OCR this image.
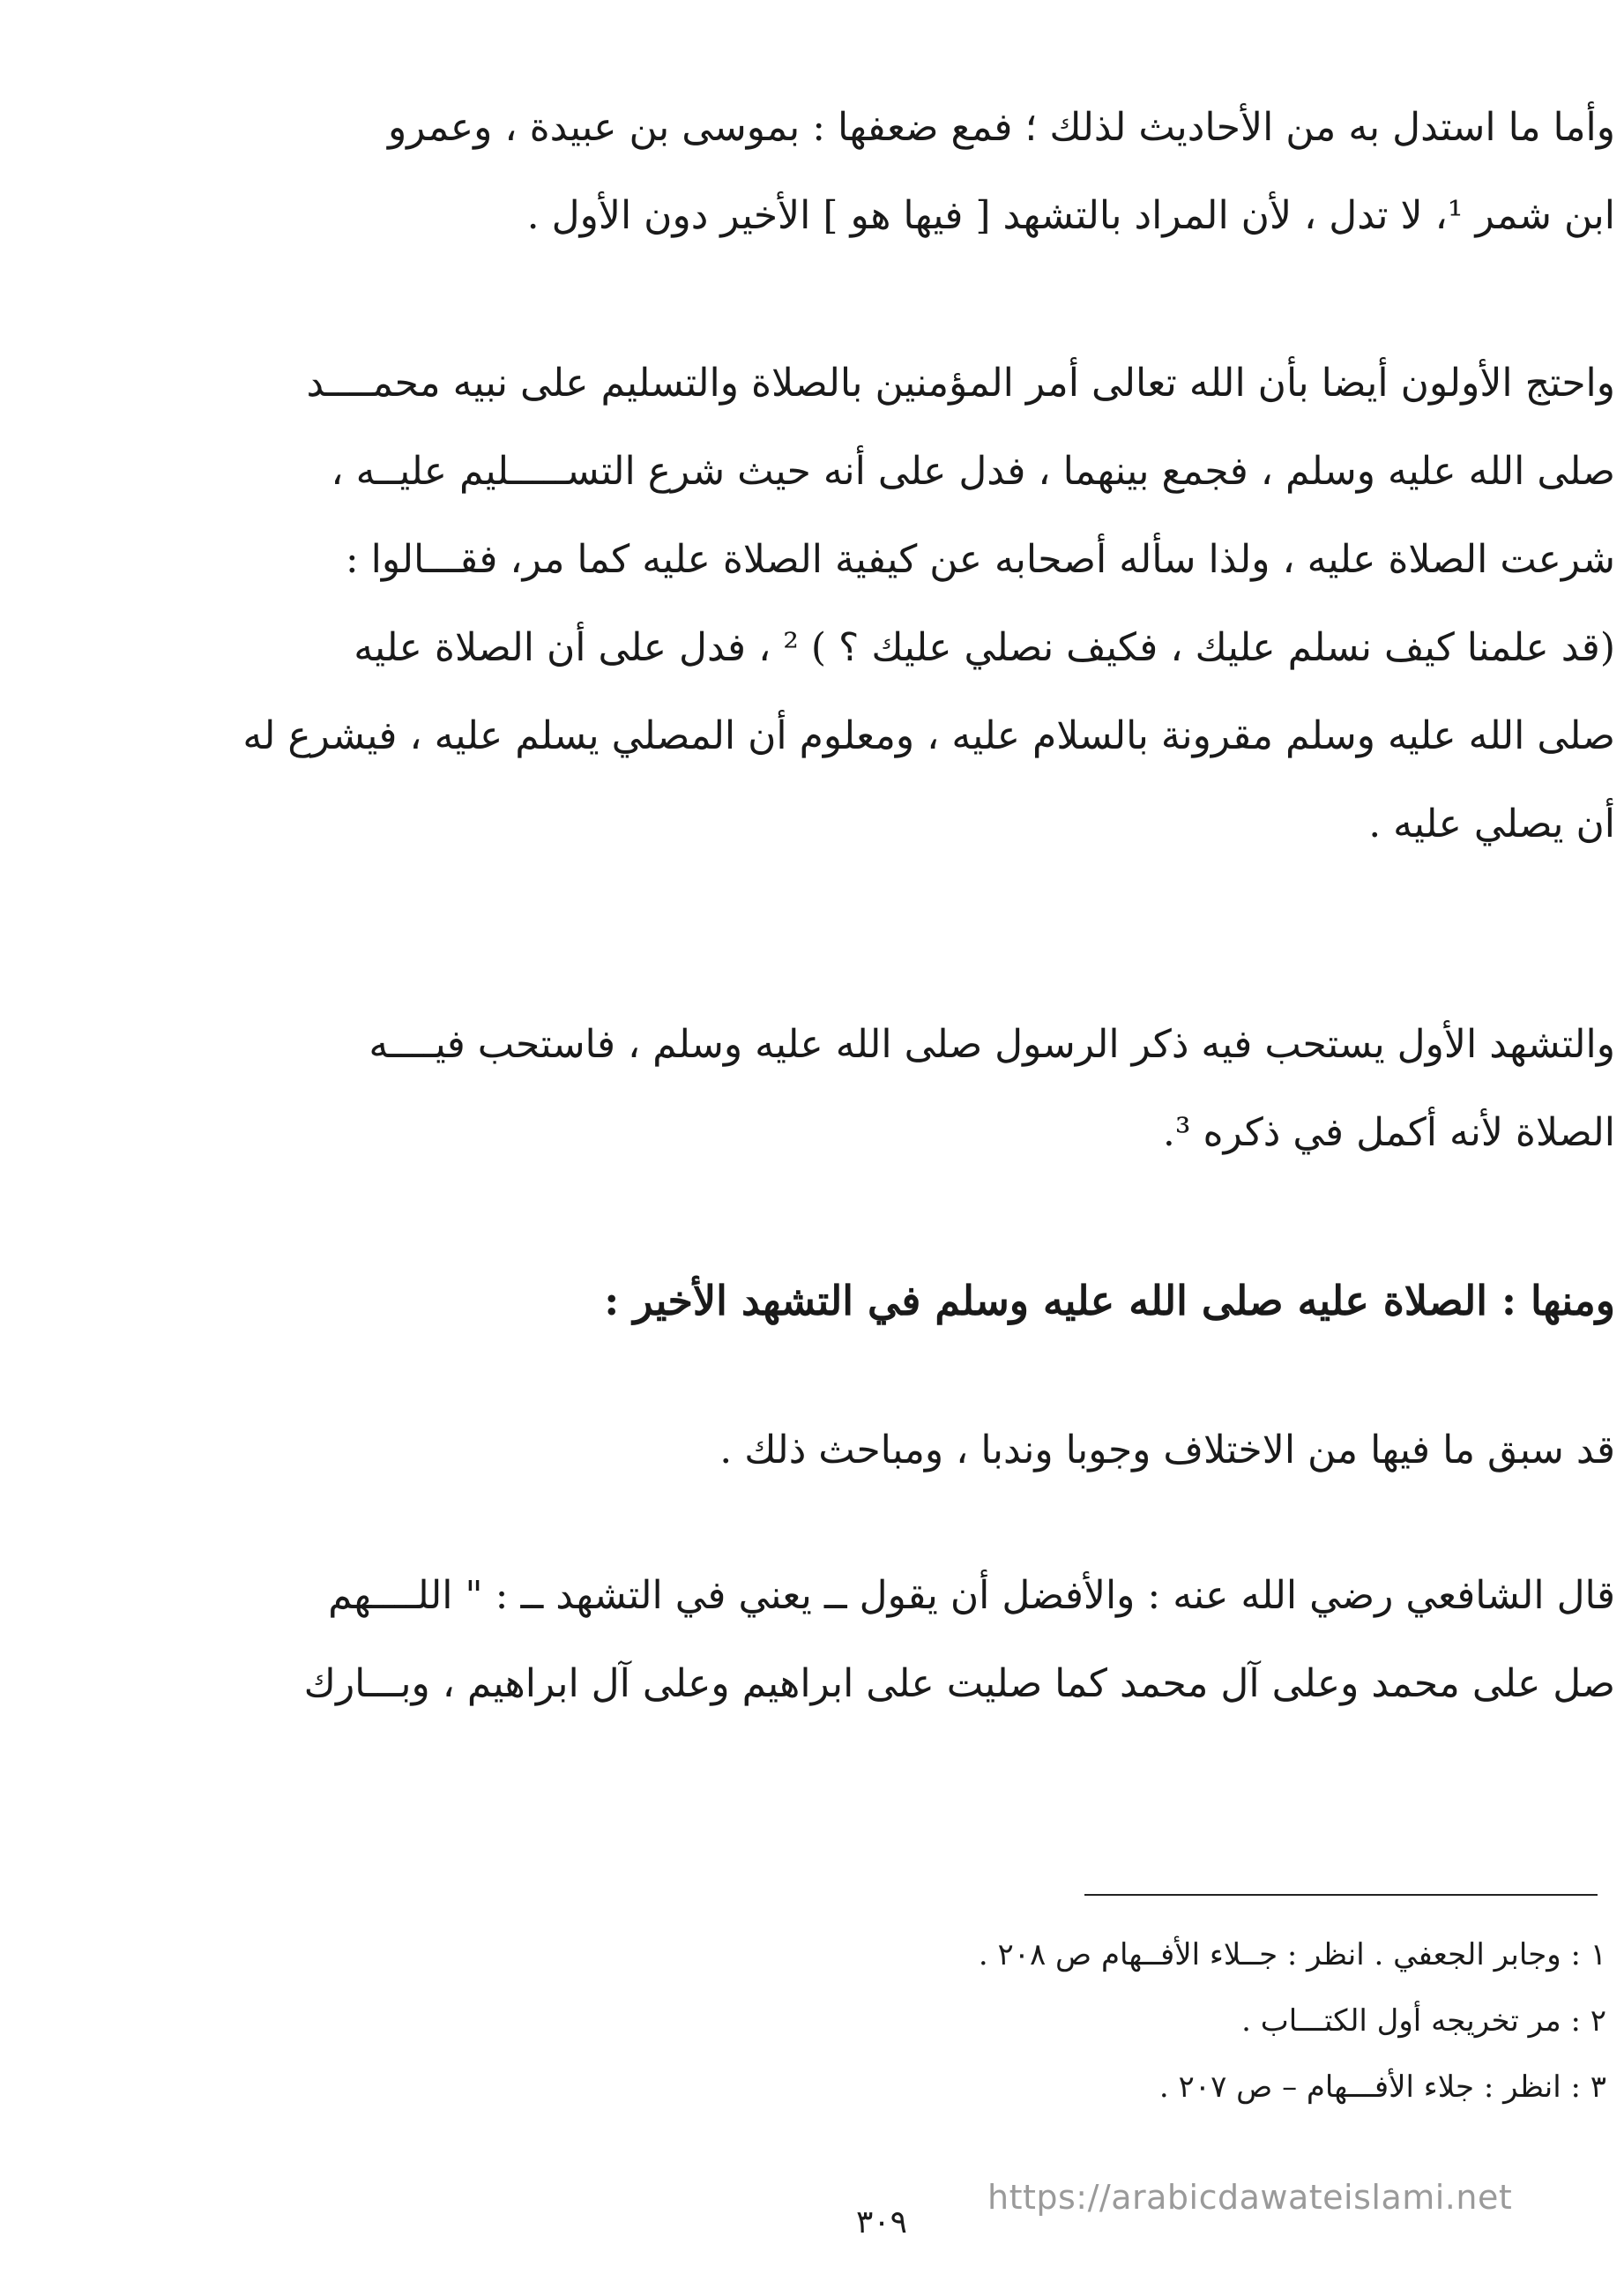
وأما ما استدل به من الأحاديث لذلك ؛ فمع ضعفها : بموسى بن عبيدة ، وعمرو
ابن شمر ¹، لا تدل ، لأن المراد بالتشهد [ فيها هو ] الأخير دون الأول .
واحتج الأولون أيضا بأن الله تعالى أمر المؤمنين بالصلاة والتسليم على نبيه محمــــد
صلى الله عليه وسلم ، فجمع بينهما ، فدل على أنه حيث شرع التســـــليم عليــه ،
شرعت الصلاة عليه ، ولذا سأله أصحابه عن كيفية الصلاة عليه كما مر، فقـــالوا :
(قد علمنا كيف نسلم عليك ، فكيف نصلي عليك ؟ ) ² ، فدل على أن الصلاة عليه
صلى الله عليه وسلم مقرونة بالسلام عليه ، ومعلوم أن المصلي يسلم عليه ، فيشرع له
أن يصلي عليه .
والتشهد الأول يستحب فيه ذكر الرسول صلى الله عليه وسلم ، فاستحب فيــــه
الصلاة لأنه أكمل في ذكره ³.
ومنها : الصلاة عليه صلى الله عليه وسلم في التشهد الأخير :
قد سبق ما فيها من الاختلاف وجوبا وندبا ، ومباحث ذلك .
قال الشافعي رضي الله عنه : والأفضل أن يقول ــ يعني في التشهد ــ : " اللــــهم
صل على محمد وعلى آل محمد كما صليت على ابراهيم وعلى آل ابراهيم ، وبـــارك
١ : وجابر الجعفي . انظر : جــلاء الأفــهام ص ٢٠٨ .
٢ : مر تخريجه أول الكتـــاب .
٣ : انظر : جلاء الأفـــهام – ص ٢٠٧ .
٣٠٩
https://arabicdawateislami.net
